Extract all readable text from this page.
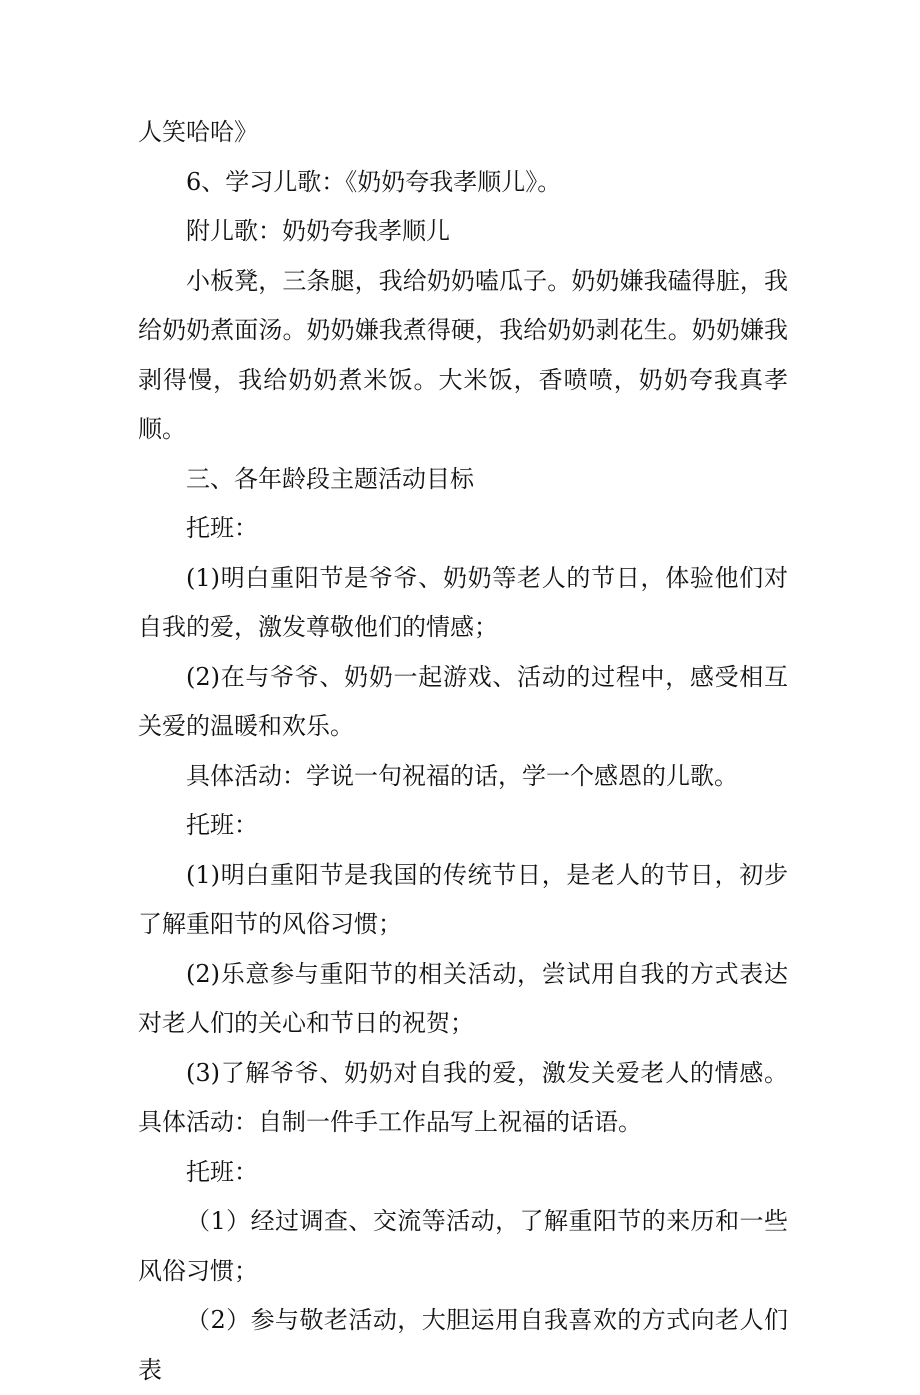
人笑哈哈》

6、学习儿歌：《奶奶夸我孝顺儿》。

附儿歌：奶奶夸我孝顺儿

小板凳，三条腿，我给奶奶嗑瓜子。奶奶嫌我磕得脏，我给奶奶煮面汤。奶奶嫌我煮得硬，我给奶奶剥花生。奶奶嫌我剥得慢，我给奶奶煮米饭。大米饭，香喷喷，奶奶夸我真孝顺。

三、各年龄段主题活动目标

托班：

(1)明白重阳节是爷爷、奶奶等老人的节日，体验他们对自我的爱，激发尊敬他们的情感；

(2)在与爷爷、奶奶一起游戏、活动的过程中，感受相互关爱的温暖和欢乐。

具体活动：学说一句祝福的话，学一个感恩的儿歌。

托班：

(1)明白重阳节是我国的传统节日，是老人的节日，初步了解重阳节的风俗习惯；

(2)乐意参与重阳节的相关活动，尝试用自我的方式表达对老人们的关心和节日的祝贺；

(3)了解爷爷、奶奶对自我的爱，激发关爱老人的情感。具体活动：自制一件手工作品写上祝福的话语。

托班：

（1）经过调查、交流等活动，了解重阳节的来历和一些风俗习惯；

（2）参与敬老活动，大胆运用自我喜欢的方式向老人们表
